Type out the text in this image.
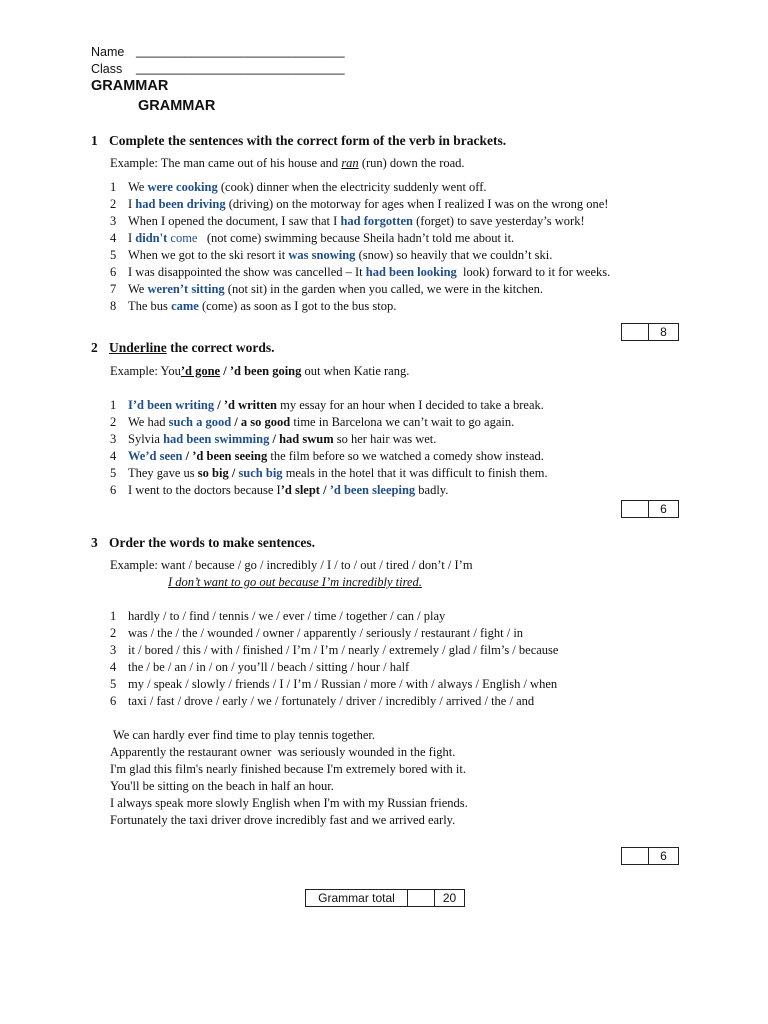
Name ______________________________
Class ______________________________
GRAMMAR
GRAMMAR
1 Complete the sentences with the correct form of the verb in brackets.
Example: The man came out of his house and ran (run) down the road.
1 We were cooking (cook) dinner when the electricity suddenly went off.
2 I had been driving (driving) on the motorway for ages when I realized I was on the wrong one!
3 When I opened the document, I saw that I had forgotten (forget) to save yesterday’s work!
4 I didn't come   (not come) swimming because Sheila hadn’t told me about it.
5 When we got to the ski resort it was snowing (snow) so heavily that we couldn’t ski.
6 I was disappointed the show was cancelled – It had been looking  look) forward to it for weeks.
7 We weren’t sitting (not sit) in the garden when you called, we were in the kitchen.
8 The bus came (come) as soon as I got to the bus stop.
8
2 Underline the correct words.
Example: You’d gone / ’d been going out when Katie rang.
1 I’d been writing / ’d written my essay for an hour when I decided to take a break.
2 We had such a good / a so good time in Barcelona we can’t wait to go again.
3 Sylvia had been swimming / had swum so her hair was wet.
4 We’d seen / ’d been seeing the film before so we watched a comedy show instead.
5 They gave us so big / such big meals in the hotel that it was difficult to finish them.
6 I went to the doctors because I’d slept / ’d been sleeping badly.
6
3 Order the words to make sentences.
Example: want / because / go / incredibly / I / to / out / tired / don’t / I’m
I don’t want to go out because I’m incredibly tired.
1 hardly / to / find / tennis / we / ever / time / together / can / play
2 was / the / the / wounded / owner / apparently / seriously / restaurant / fight / in
3 it / bored / this / with / finished / I’m / I’m / nearly / extremely / glad / film’s / because
4 the / be / an / in / on / you’ll / beach / sitting / hour / half
5 my / speak / slowly / friends / I / I’m / Russian / more / with / always / English / when
6 taxi / fast / drove / early / we / fortunately / driver / incredibly / arrived / the / and
We can hardly ever find time to play tennis together.
Apparently the restaurant owner  was seriously wounded in the fight.
I'm glad this film's nearly finished because I'm extremely bored with it.
You'll be sitting on the beach in half an hour.
I always speak more slowly English when I'm with my Russian friends.
Fortunately the taxi driver drove incredibly fast and we arrived early.
6
Grammar total	20
